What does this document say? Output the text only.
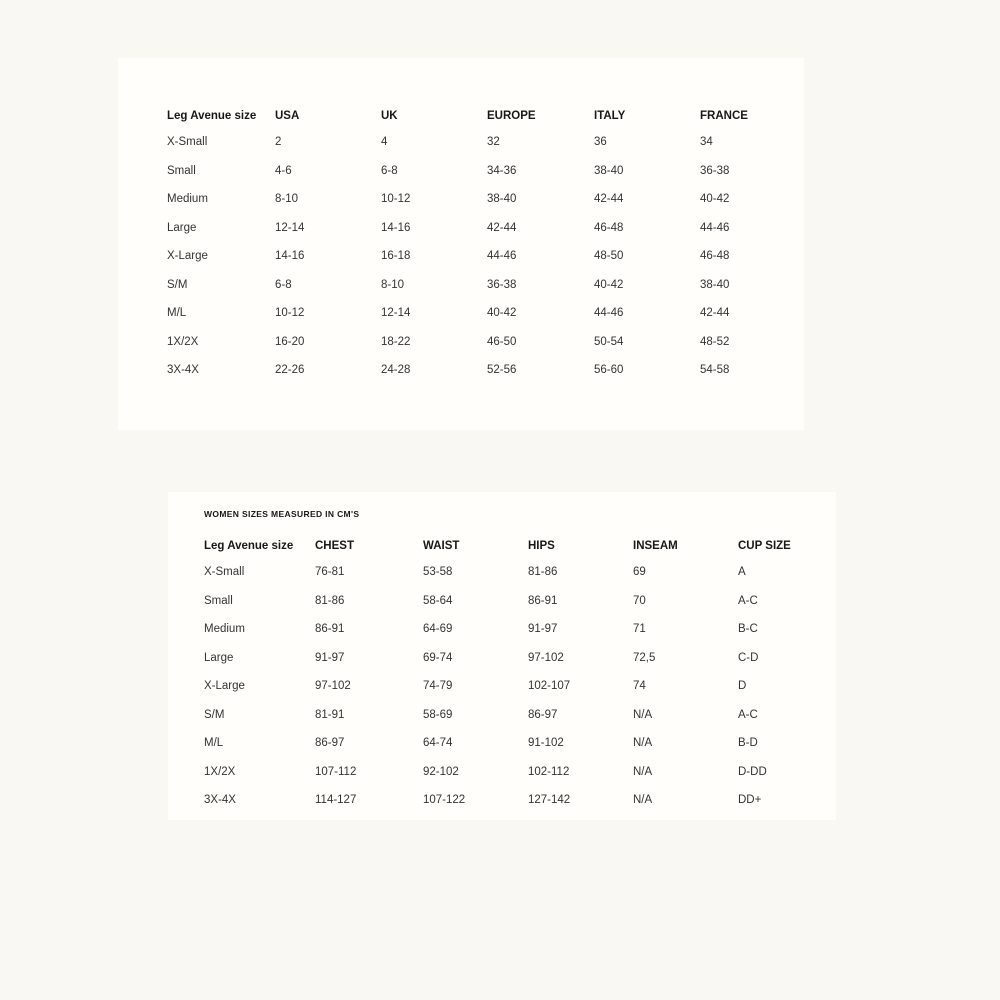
Leg Avenue size	USA	UK	EUROPE	ITALY	FRANCE
X-Small	2	4	32	36	34
Small	4-6	6-8	34-36	38-40	36-38
Medium	8-10	10-12	38-40	42-44	40-42
Large	12-14	14-16	42-44	46-48	44-46
X-Large	14-16	16-18	44-46	48-50	46-48
S/M	6-8	8-10	36-38	40-42	38-40
M/L	10-12	12-14	40-42	44-46	42-44
1X/2X	16-20	18-22	46-50	50-54	48-52
3X-4X	22-26	24-28	52-56	56-60	54-58
WOMEN SIZES MEASURED IN CM'S
Leg Avenue size	CHEST	WAIST	HIPS	INSEAM	CUP SIZE
X-Small	76-81	53-58	81-86	69	A
Small	81-86	58-64	86-91	70	A-C
Medium	86-91	64-69	91-97	71	B-C
Large	91-97	69-74	97-102	72,5	C-D
X-Large	97-102	74-79	102-107	74	D
S/M	81-91	58-69	86-97	N/A	A-C
M/L	86-97	64-74	91-102	N/A	B-D
1X/2X	107-112	92-102	102-112	N/A	D-DD
3X-4X	114-127	107-122	127-142	N/A	DD+
